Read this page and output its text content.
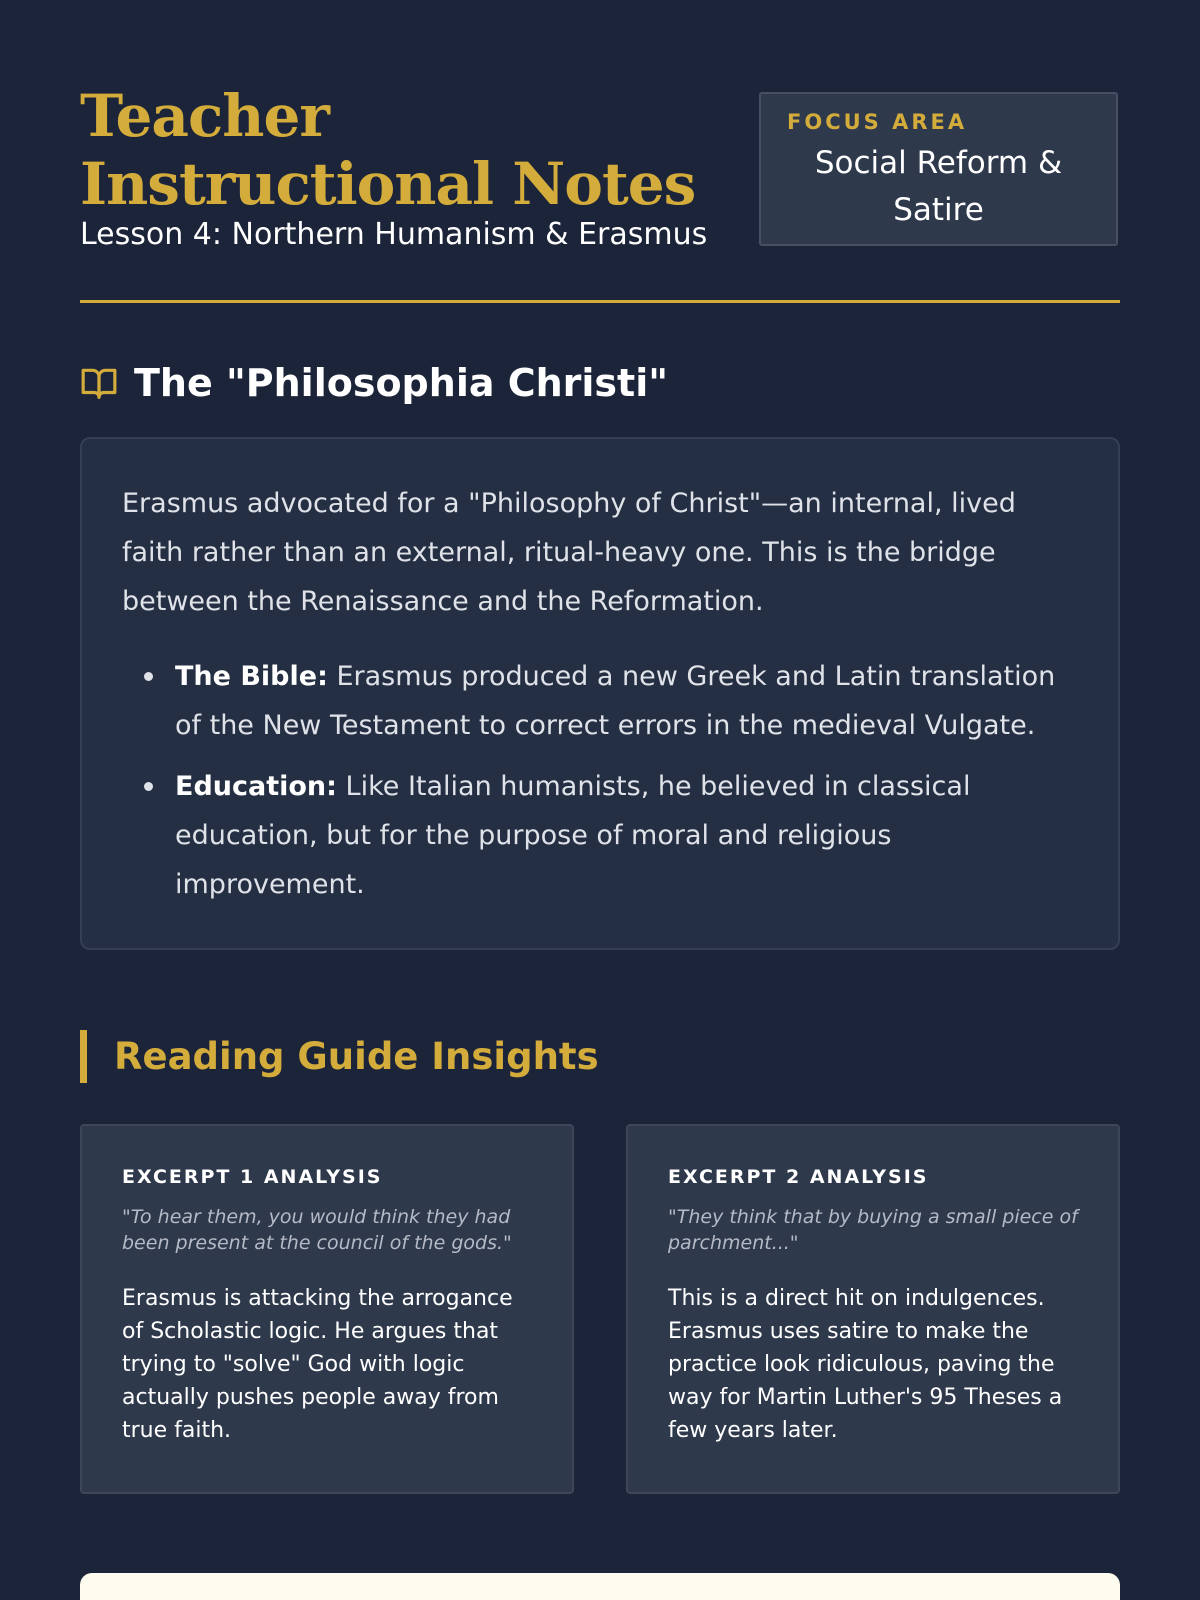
Teacher Instructional Notes

Lesson 4: Northern Humanism & Erasmus

FOCUS AREA
Social Reform & Satire
The "Philosophia Christi"

Erasmus advocated for a "Philosophy of Christ"—an internal, lived faith rather than an external, ritual-heavy one. This is the bridge between the Renaissance and the Reformation.

The Bible: Erasmus produced a new Greek and Latin translation of the New Testament to correct errors in the medieval Vulgate.
Education: Like Italian humanists, he believed in classical education, but for the purpose of moral and religious improvement.
Reading Guide Insights

EXCERPT 1 ANALYSIS

"To hear them, you would think they had been present at the council of the gods."

Erasmus is attacking the arrogance of Scholastic logic. He argues that trying to "solve" God with logic actually pushes people away from true faith.

EXCERPT 2 ANALYSIS

"They think that by buying a small piece of parchment..."

This is a direct hit on indulgences. Erasmus uses satire to make the practice look ridiculous, paving the way for Martin Luther's 95 Theses a few years later.
